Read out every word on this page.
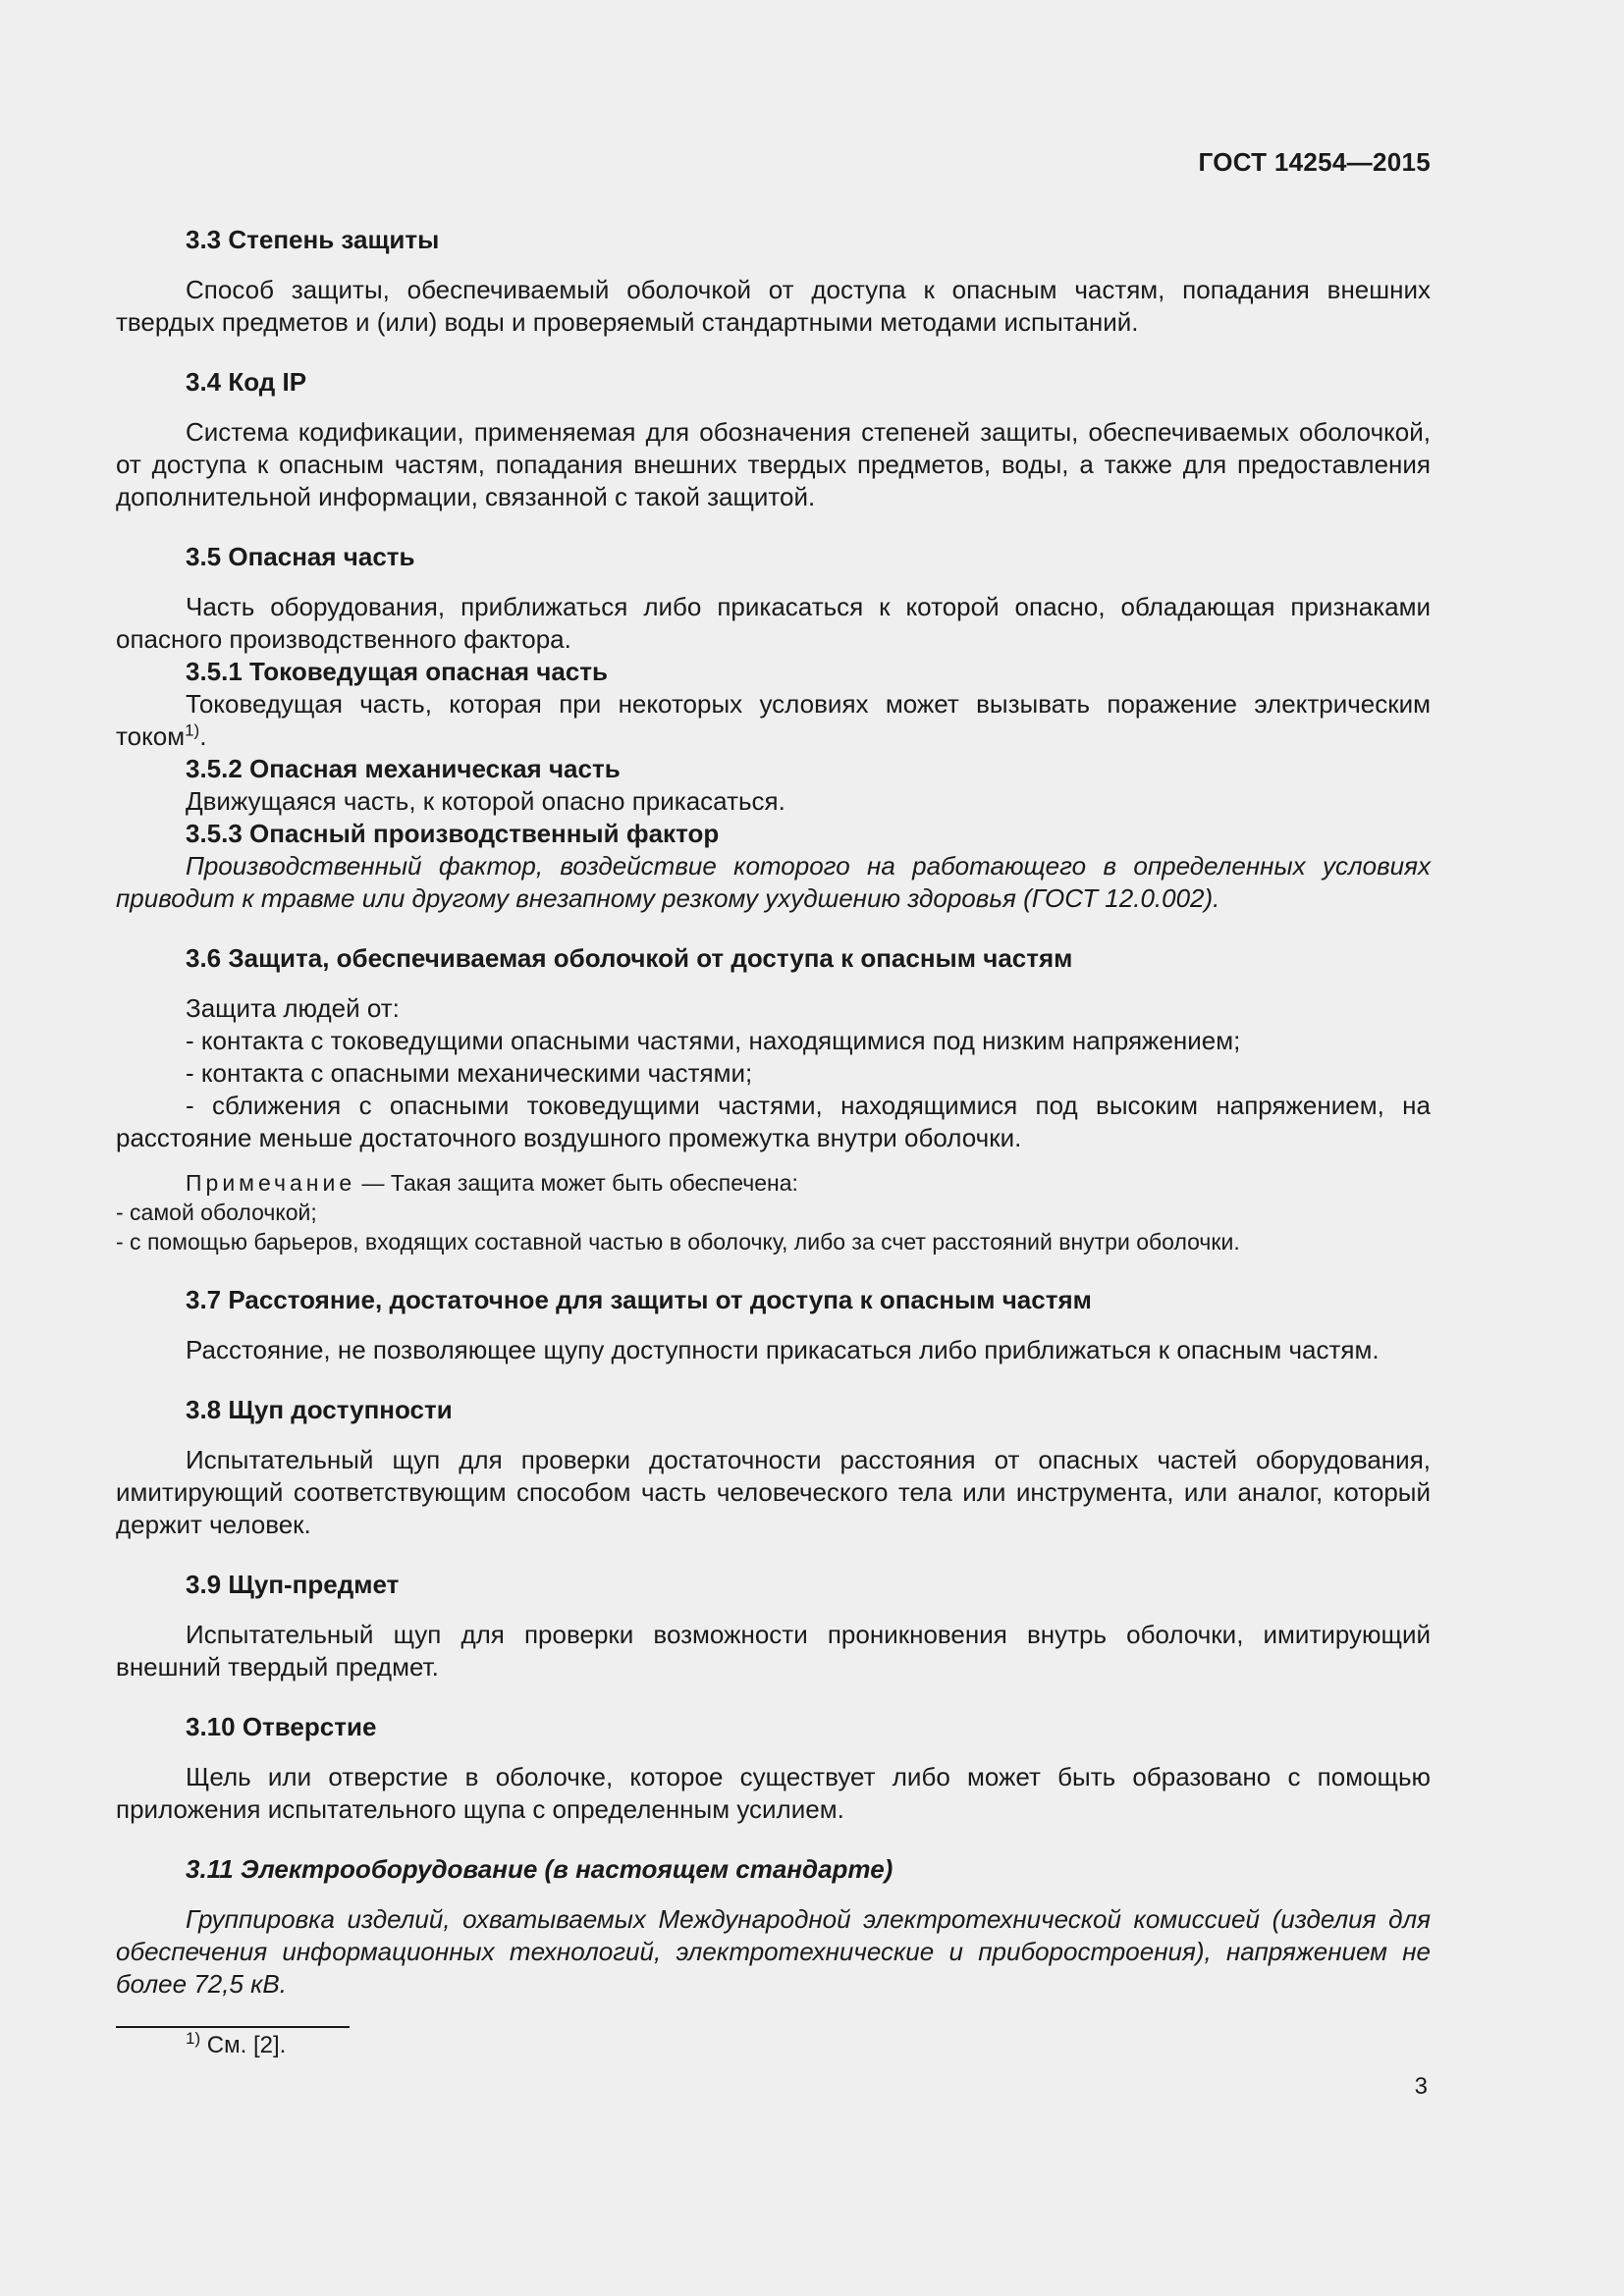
ГОСТ 14254—2015
3.3 Степень защиты

Способ защиты, обеспечиваемый оболочкой от доступа к опасным частям, попадания внешних твердых предметов и (или) воды и проверяемый стандартными методами испытаний.

3.4 Код IP

Система кодификации, применяемая для обозначения степеней защиты, обеспечиваемых оболочкой, от доступа к опасным частям, попадания внешних твердых предметов, воды, а также для предоставления дополнительной информации, связанной с такой защитой.

3.5 Опасная часть

Часть оборудования, приближаться либо прикасаться к которой опасно, обладающая признаками опасного производственного фактора.

3.5.1 Токоведущая опасная часть

Токоведущая часть, которая при некоторых условиях может вызывать поражение электрическим током$^{1)}$.

3.5.2 Опасная механическая часть

Движущаяся часть, к которой опасно прикасаться.

3.5.3 Опасный производственный фактор

Производственный фактор, воздействие которого на работающего в определенных условиях приводит к травме или другому внезапному резкому ухудшению здоровья (ГОСТ 12.0.002).

3.6 Защита, обеспечиваемая оболочкой от доступа к опасным частям
Защита людей от:
- контакта с токоведущими опасными частями, находящимися под низким напряжением;
- контакта с опасными механическими частями;
- сближения с опасными токоведущими частями, находящимися под высоким напряжением, на расстояние меньше достаточного воздушного промежутка внутри оболочки.
Примечание — Такая защита может быть обеспечена:
- самой оболочкой;
- с помощью барьеров, входящих составной частью в оболочку, либо за счет расстояний внутри оболочки.
3.7 Расстояние, достаточное для защиты от доступа к опасным частям

Расстояние, не позволяющее щупу доступности прикасаться либо приближаться к опасным частям.

3.8 Щуп доступности

Испытательный щуп для проверки достаточности расстояния от опасных частей оборудования, имитирующий соответствующим способом часть человеческого тела или инструмента, или аналог, который держит человек.

3.9 Щуп-предмет

Испытательный щуп для проверки возможности проникновения внутрь оболочки, имитирующий внешний твердый предмет.

3.10 Отверстие

Щель или отверстие в оболочке, которое существует либо может быть образовано с помощью приложения испытательного щупа с определенным усилием.

3.11 Электрооборудование (в настоящем стандарте)

Группировка изделий, охватываемых Международной электротехнической комиссией (изделия для обеспечения информационных технологий, электротехнические и приборостроения), напряжением не более 72,5 кВ.

$^{1)}$ См. [2].
3
